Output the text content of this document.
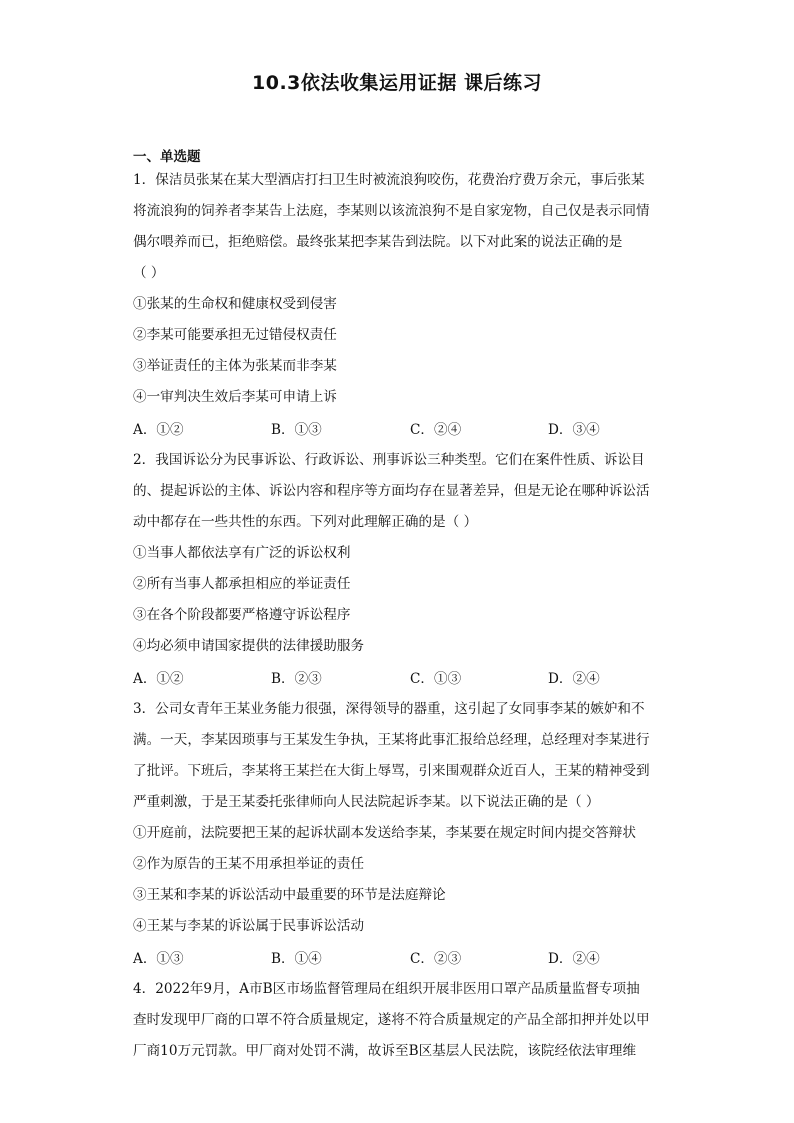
10.3依法收集运用证据 课后练习
一、单选题
1．保洁员张某在某大型酒店打扫卫生时被流浪狗咬伤，花费治疗费万余元，事后张某
将流浪狗的饲养者李某告上法庭，李某则以该流浪狗不是自家宠物，自己仅是表示同情
偶尔喂养而已，拒绝赔偿。最终张某把李某告到法院。以下对此案的说法正确的是
（ ）
①张某的生命权和健康权受到侵害
②李某可能要承担无过错侵权责任
③举证责任的主体为张某而非李某
④一审判决生效后李某可申请上诉
A．①②	B．①③	C．②④	D．③④
2．我国诉讼分为民事诉讼、行政诉讼、刑事诉讼三种类型。它们在案件性质、诉讼目
的、提起诉讼的主体、诉讼内容和程序等方面均存在显著差异，但是无论在哪种诉讼活
动中都存在一些共性的东西。下列对此理解正确的是（ ）
①当事人都依法享有广泛的诉讼权利
②所有当事人都承担相应的举证责任
③在各个阶段都要严格遵守诉讼程序
④均必须申请国家提供的法律援助服务
A．①②	B．②③	C．①③	D．②④
3．公司女青年王某业务能力很强，深得领导的器重，这引起了女同事李某的嫉妒和不
满。一天，李某因琐事与王某发生争执，王某将此事汇报给总经理，总经理对李某进行
了批评。下班后，李某将王某拦在大街上辱骂，引来围观群众近百人，王某的精神受到
严重刺激，于是王某委托张律师向人民法院起诉李某。以下说法正确的是（ ）
①开庭前，法院要把王某的起诉状副本发送给李某，李某要在规定时间内提交答辩状
②作为原告的王某不用承担举证的责任
③王某和李某的诉讼活动中最重要的环节是法庭辩论
④王某与李某的诉讼属于民事诉讼活动
A．①③	B．①④	C．②③	D．②④
4．2022年9月，A市B区市场监督管理局在组织开展非医用口罩产品质量监督专项抽
查时发现甲厂商的口罩不符合质量规定，遂将不符合质量规定的产品全部扣押并处以甲
厂商10万元罚款。甲厂商对处罚不满，故诉至B区基层人民法院，该院经依法审理维
